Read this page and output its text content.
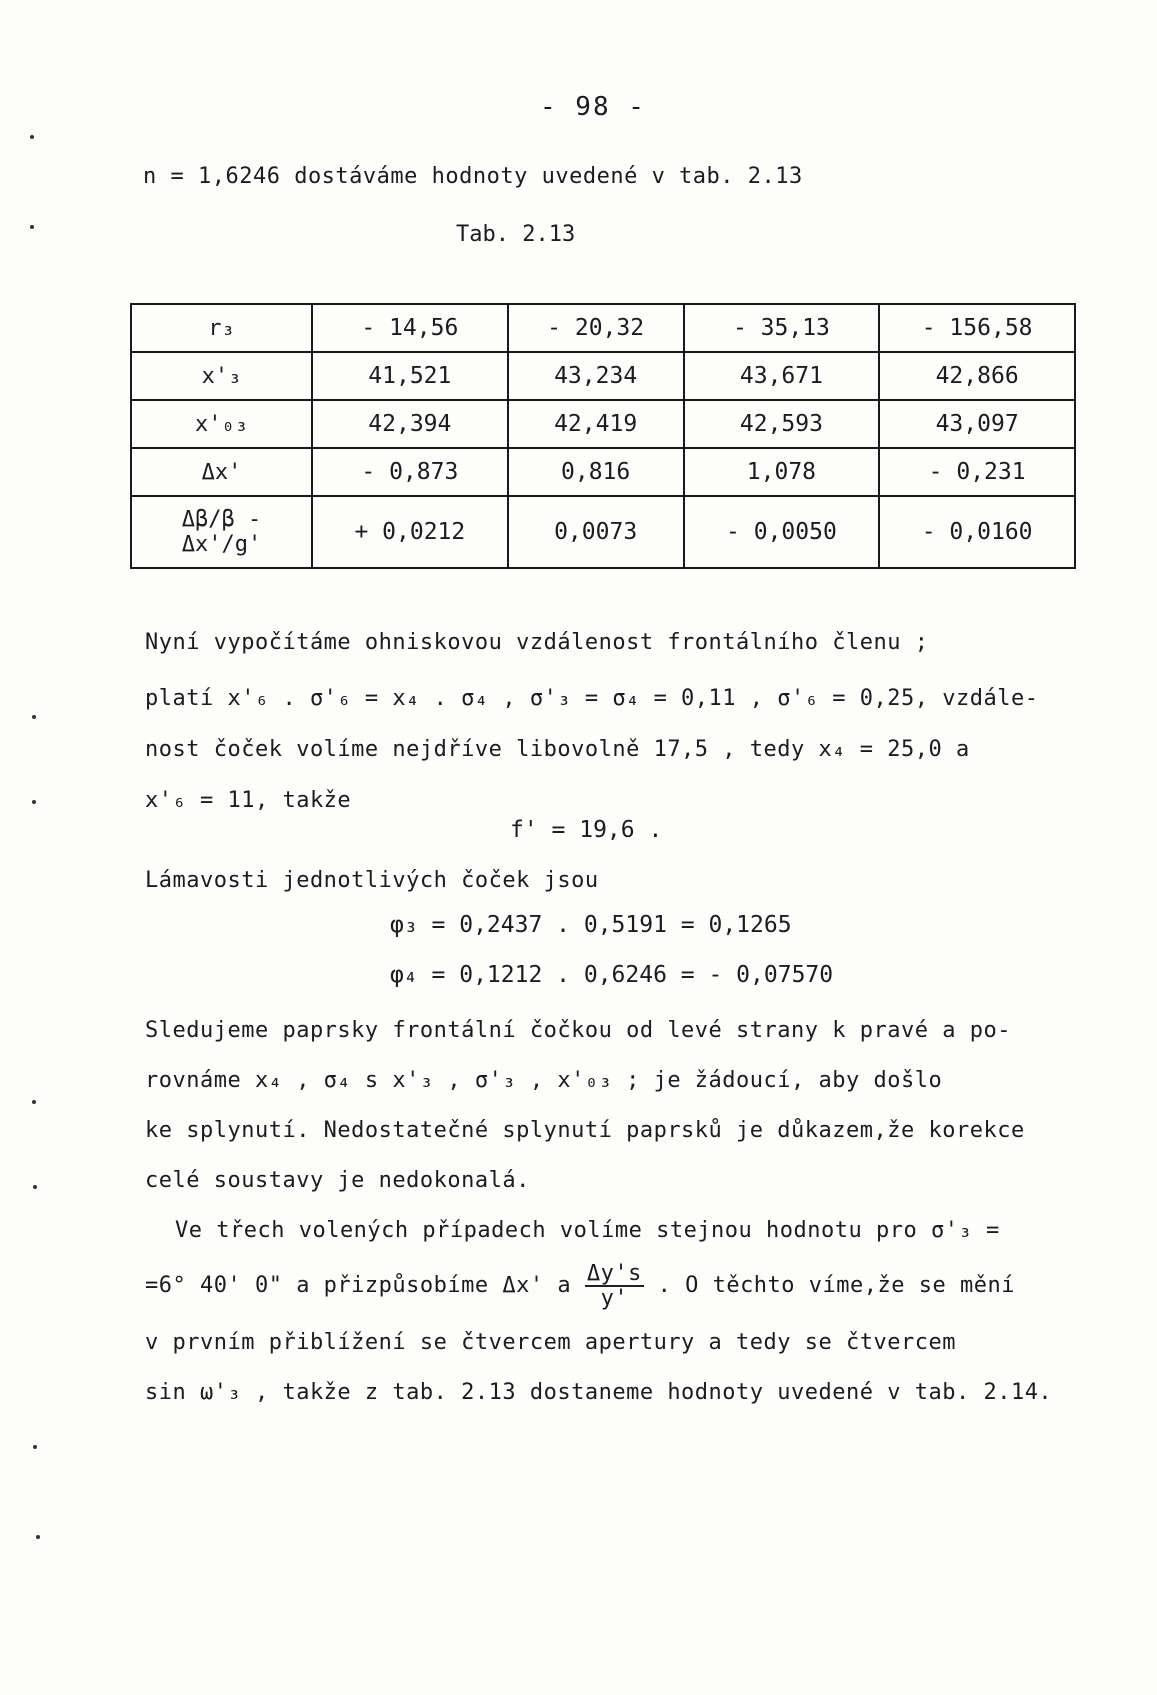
- 98 -
n = 1,6246 dostáváme hodnoty uvedené v tab. 2.13
Tab. 2.13
r₃	- 14,56	- 20,32	- 35,13	- 156,58
x'₃	41,521	43,234	43,671	42,866
x'₀₃	42,394	42,419	42,593	43,097
Δx'	- 0,873	0,816	1,078	- 0,231
Δβ/β - Δx'/g'	+ 0,0212	0,0073	- 0,0050	- 0,0160
Nyní vypočítáme ohniskovou vzdálenost frontálního členu ;
platí x'₆ . σ'₆ = x₄ . σ₄ , σ'₃ = σ₄ = 0,11 , σ'₆ = 0,25, vzdále-
nost čoček volíme nejdříve libovolně 17,5 , tedy x₄ = 25,0 a
x'₆ = 11, takže
f' = 19,6 .
Lámavosti jednotlivých čoček jsou
φ₃ = 0,2437 . 0,5191 = 0,1265
φ₄ = 0,1212 . 0,6246 = - 0,07570
Sledujeme paprsky frontální čočkou od levé strany k pravé a po-
rovnáme x₄ , σ₄ s x'₃ , σ'₃ , x'₀₃ ; je žádoucí, aby došlo
ke splynutí. Nedostatečné splynutí paprsků je důkazem,že korekce
celé soustavy je nedokonalá.
Ve třech volených případech volíme stejnou hodnotu pro σ'₃ =
=6° 40' 0" a přizpůsobíme Δx' a $\frac{\Delta y's}{y'}$ . O těchto víme,že se mění
v prvním přiblížení se čtvercem apertury a tedy se čtvercem
sin ω'₃ , takže z tab. 2.13 dostaneme hodnoty uvedené v tab. 2.14.
